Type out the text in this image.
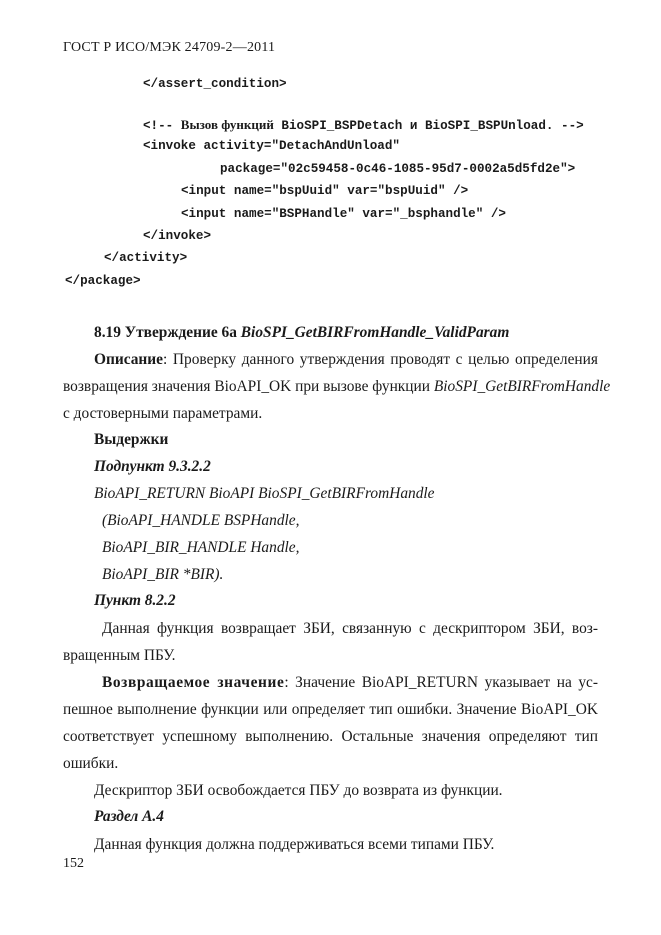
ГОСТ Р ИСО/МЭК 24709-2—2011
</assert_condition>
<!-- Вызов функций BioSPI_BSPDetach и BioSPI_BSPUnload. -->
<invoke activity="DetachAndUnload"
package="02c59458-0c46-1085-95d7-0002a5d5fd2e">
<input name="bspUuid" var="bspUuid" />
<input name="BSPHandle" var="_bsphandle" />
</invoke>
</activity>
</package>
8.19 Утверждение 6а BioSPI_GetBIRFromHandle_ValidParam
Описание: Проверку данного утверждения проводят с целью определения
возвращения значения BioAPI_OK при вызове функции BioSPI_GetBIRFromHandle
с достоверными параметрами.
Выдержки
Подпункт 9.3.2.2
BioAPI_RETURN BioAPI BioSPI_GetBIRFromHandle
(BioAPI_HANDLE BSPHandle,
BioAPI_BIR_HANDLE Handle,
BioAPI_BIR *BIR).
Пункт 8.2.2
Данная функция возвращает ЗБИ, связанную с дескриптором ЗБИ, воз-
вращенным ПБУ.
Возвращаемое значение: Значение BioAPI_RETURN указывает на ус-
пешное выполнение функции или определяет тип ошибки. Значение BioAPI_OK
соответствует успешному выполнению. Остальные значения определяют тип
ошибки.
Дескриптор ЗБИ освобождается ПБУ до возврата из функции.
Раздел А.4
Данная функция должна поддерживаться всеми типами ПБУ.
152
